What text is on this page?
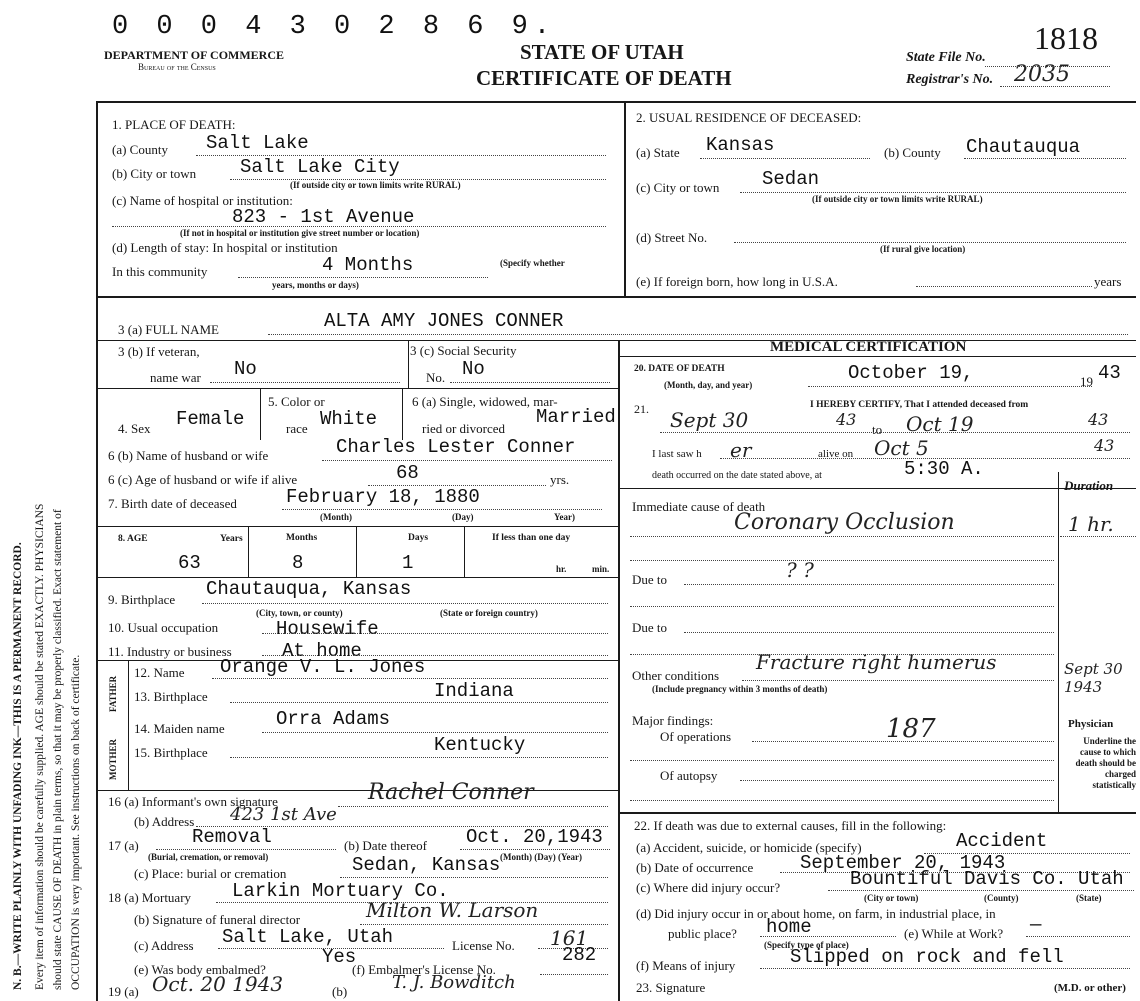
N. B.—WRITE PLAINLY WITH UNFADING INK—THIS IS A PERMANENT RECORD. Every item of information should be carefully supplied. AGE should be stated EXACTLY. PHYSICIANS should state CAUSE OF DEATH in plain terms, so that it may be properly classified. Exact statement of OCCUPATION is very important. See instructions on back of certificate.
0 0 0 4 3 0 2 8 6 9.
DEPARTMENT OF COMMERCE
Bureau of the Census
STATE OF UTAH
CERTIFICATE OF DEATH
State File No.
1818
Registrar's No. 2035
1. PLACE OF DEATH:
(a) County Salt Lake
(b) City or town Salt Lake City
(If outside city or town limits write RURAL)
(c) Name of hospital or institution:
823 - 1st Avenue
(If not in hospital or institution give street number or location)
(d) Length of stay: In hospital or institution
In this community	4 Months	(Specify whether
years, months or days)
2. USUAL RESIDENCE OF DECEASED:
(a) State Kansas	(b) County Chautauqua
(c) City or town Sedan
(If outside city or town limits write RURAL)
(d) Street No.
(If rural give location)
(e) If foreign born, how long in U.S.A.	years
3 (a) FULL NAME	ALTA AMY JONES CONNER
3 (b) If veteran,
name war No
3 (c) Social Security
No. No
4. Sex Female
5. Color or
race White
6 (a) Single, widowed, mar-
ried or divorced
Married
6 (b) Name of husband or wife	Charles Lester Conner
6 (c) Age of husband or wife if alive	68	yrs.
7. Birth date of deceased	February 18, 1880
(Month)	(Day)	Year)
8. AGE	Years	Months	Days	If less than one day
63	8	1	hr.	min.
9. Birthplace Chautauqua, Kansas
(City, town, or county)	(State or foreign country)
10. Usual occupation	Housewife
11. Industry or business	At home
FATHER
MOTHER
12. Name Orange V. L. Jones
13. Birthplace	Indiana
14. Maiden name	Orra Adams
15. Birthplace	Kentucky
16 (a) Informant's own signature	Rachel Conner
(b) Address 423 1st Ave
17 (a)	Removal
(Burial, cremation, or removal)
(b) Date thereof Oct. 20,1943
(Month) (Day) (Year)
(c) Place: burial or cremation	Sedan, Kansas
18 (a) Mortuary Larkin Mortuary Co.
(b) Signature of funeral director	Milton W. Larson
(c) Address Salt Lake, Utah	License No. 161
(e) Was body embalmed?
Yes
(f) Embalmer's License No.
282
19 (a) Oct. 20 1943	(b) T. J. Bowditch
MEDICAL CERTIFICATION
20. DATE OF DEATH
(Month, day, and year)
October 19,	19 43
I HEREBY CERTIFY, That I attended deceased from
21. Sept 30	43
to Oct 19	43
I last saw h er	alive on Oct 5	43
death occurred on the date stated above, at	5:30 A.
Immediate cause of death
Coronary Occlusion
Duration
1 hr.
Due to	? ?
Due to
Other conditions
(Include pregnancy within 3 months of death)
Fracture right humerus	Sept 30 1943
Major findings:
Of operations	187
Of autopsy
Physician
Underline the cause to which death should be charged statistically
22. If death was due to external causes, fill in the following:
(a) Accident, suicide, or homicide (specify)	Accident
(b) Date of occurrence September 20, 1943
(c) Where did injury occur?	Bountiful Davis Co. Utah
(City or town)	(County)	(State)
(d) Did injury occur in or about home, on farm, in industrial place, in
public place? home
(Specify type of place)
(e) While at Work? —
(f) Means of injury	Slipped on rock and fell
23. Signature	(M.D. or other)
